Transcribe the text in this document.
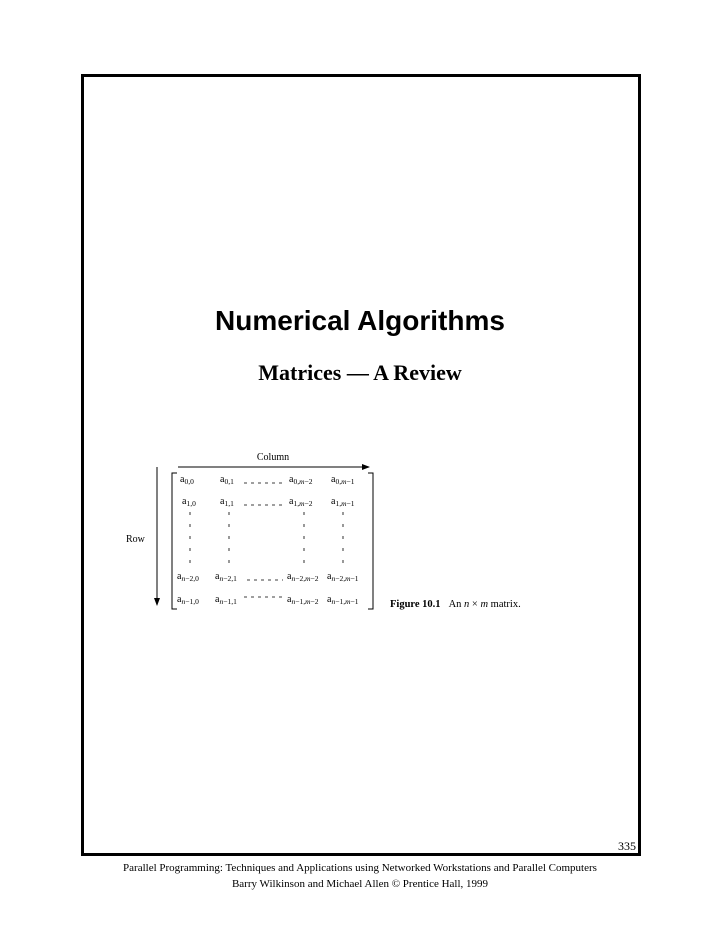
Numerical Algorithms
Matrices — A Review
Column
Row
$a_{0,0}$	$a_{0,1}$	$a_{0,m-2}$ $a_{0,m-1}$
$a_{1,0}$ $a_{1,1}$	$a_{1,m-2}$ $a_{1,m-1}$
$a_{n-2,0}$ $a_{n-2,1}$	$a_{n-2,m-2}$ $a_{n-2,m-1}$
$a_{n-1,0}$ $a_{n-1,1}$	$a_{n-1,m-2}$ $a_{n-1,m-1}$	Figure 10.1 An n × m matrix.
335
Parallel Programming: Techniques and Applications using Networked Workstations and Parallel Computers
Barry Wilkinson and Michael Allen © Prentice Hall, 1999
